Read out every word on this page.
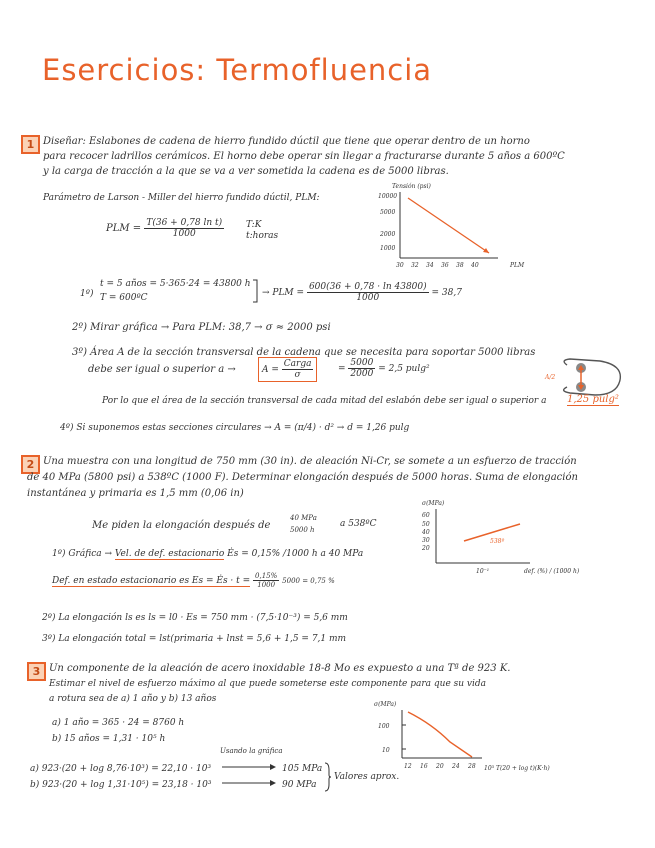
Esercicios: Termofluencia
1 Diseñar: Eslabones de cadena de hierro fundido dúctil que tiene que operar dentro de un horno
para recocer ladrillos cerámicos. El horno debe operar sin llegar a fracturarse durante 5 años a 600ºC
y la carga de tracción a la que se va a ver sometida la cadena es de 5000 libras.
Parámetro de Larson - Miller del hierro fundido dúctil, PLM:
PLM = $\frac{\text{T(36 + 0,78 ln t)}}{1000}$ T:K
t:horas
Tensión (psi)
10000
5000
2000
1000
30 32 34 36 38 40	PLM
1º)
t = 5 años = 5·365·24 = 43800 h
T = 600ºC	→ PLM = $\frac{600(36 + 0,78 \cdot \ln 43800)}{1000} = 38,7$
2º) Mirar gráfica → Para PLM: 38,7 → σ ≈ 2000 psi
3º) Área A de la sección transversal de la cadena que se necesita para soportar 5000 libras
debe ser igual o superior a →	$A = \frac{\text{Carga}}{\sigma}$	= $\frac{5000}{2000} = 2,5$ pulg²
A/2
Por lo que el área de la sección transversal de cada mitad del eslabón debe ser igual o superior a 1,25 pulg²
4º) Si suponemos estas secciones circulares → A = (π/4) · d² → d = 1,26 pulg
2 Una muestra con una longitud de 750 mm (30 in). de aleación Ni-Cr, se somete a un esfuerzo de tracción
de 40 MPa (5800 psi) a 538ºC (1000 F). Determinar elongación después de 5000 horas. Suma de elongación
instantánea y primaria es 1,5 mm (0,06 in)
σ(MPa)
60
50
40
30
20
538º
10⁻¹	def. (%) / (1000 h)
Me piden la elongación después de
40 MPa
5000 h
a 538ºC
1º) Gráfica → Vel. de def. estacionario Ės = 0,15% /1000 h a 40 MPa
Def. en estado estacionario es Es = Ės · $t = \frac{0,15\%}{1000} 5000 = 0,75$ %
2º) La elongación ls es ls = l0 · Es = 750 mm · (7,5·10⁻³) = 5,6 mm
3º) La elongación total = lst(primaria + lnst = 5,6 + 1,5 = 7,1 mm
3 Un componente de la aleación de acero inoxidable 18-8 Mo es expuesto a una Tª de 923 K.
Estimar el nivel de esfuerzo máximo al que puede someterse este componente para que su vida
a rotura sea de a) 1 año y b) 13 años
σ(MPa)
100
10
12 16 20 24 28 10³ T(20 + log t)(K·h)
a) 1 año = 365 · 24 = 8760 h
b) 15 años = 1,31 · 10⁵ h
Usando la gráfica
a) 923·(20 + log 8,76·10³) = 22,10 · 10³
b) 923·(20 + log 1,31·10⁵) = 23,18 · 10³
105 MPa
90 MPa
Valores aprox.
